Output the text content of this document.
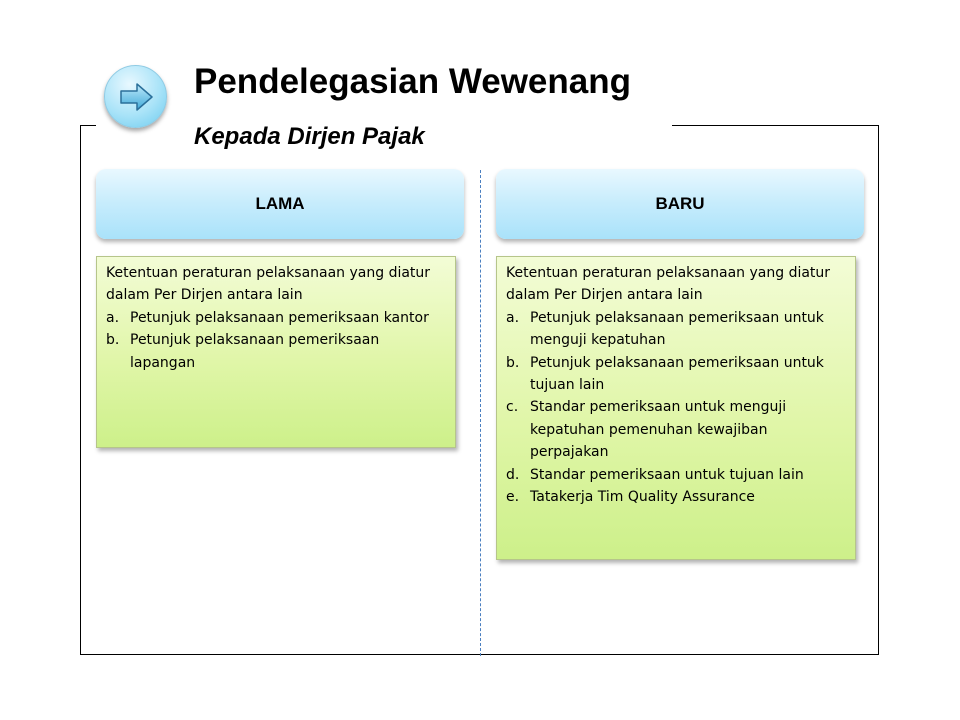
Pendelegasian Wewenang
Kepada Dirjen Pajak
LAMA	BARU

Ketentuan peraturan pelaksanaan yang diatur dalam Per Dirjen antara lain

a. Petunjuk pelaksanaan pemeriksaan kantor
b. Petunjuk pelaksanaan pemeriksaan lapangan

Ketentuan peraturan pelaksanaan yang diatur dalam Per Dirjen antara lain

a. Petunjuk pelaksanaan pemeriksaan untuk menguji kepatuhan
b. Petunjuk pelaksanaan pemeriksaan untuk tujuan lain
c. Standar pemeriksaan untuk menguji kepatuhan pemenuhan kewajiban perpajakan
d. Standar pemeriksaan untuk tujuan lain
e. Tatakerja Tim Quality Assurance
